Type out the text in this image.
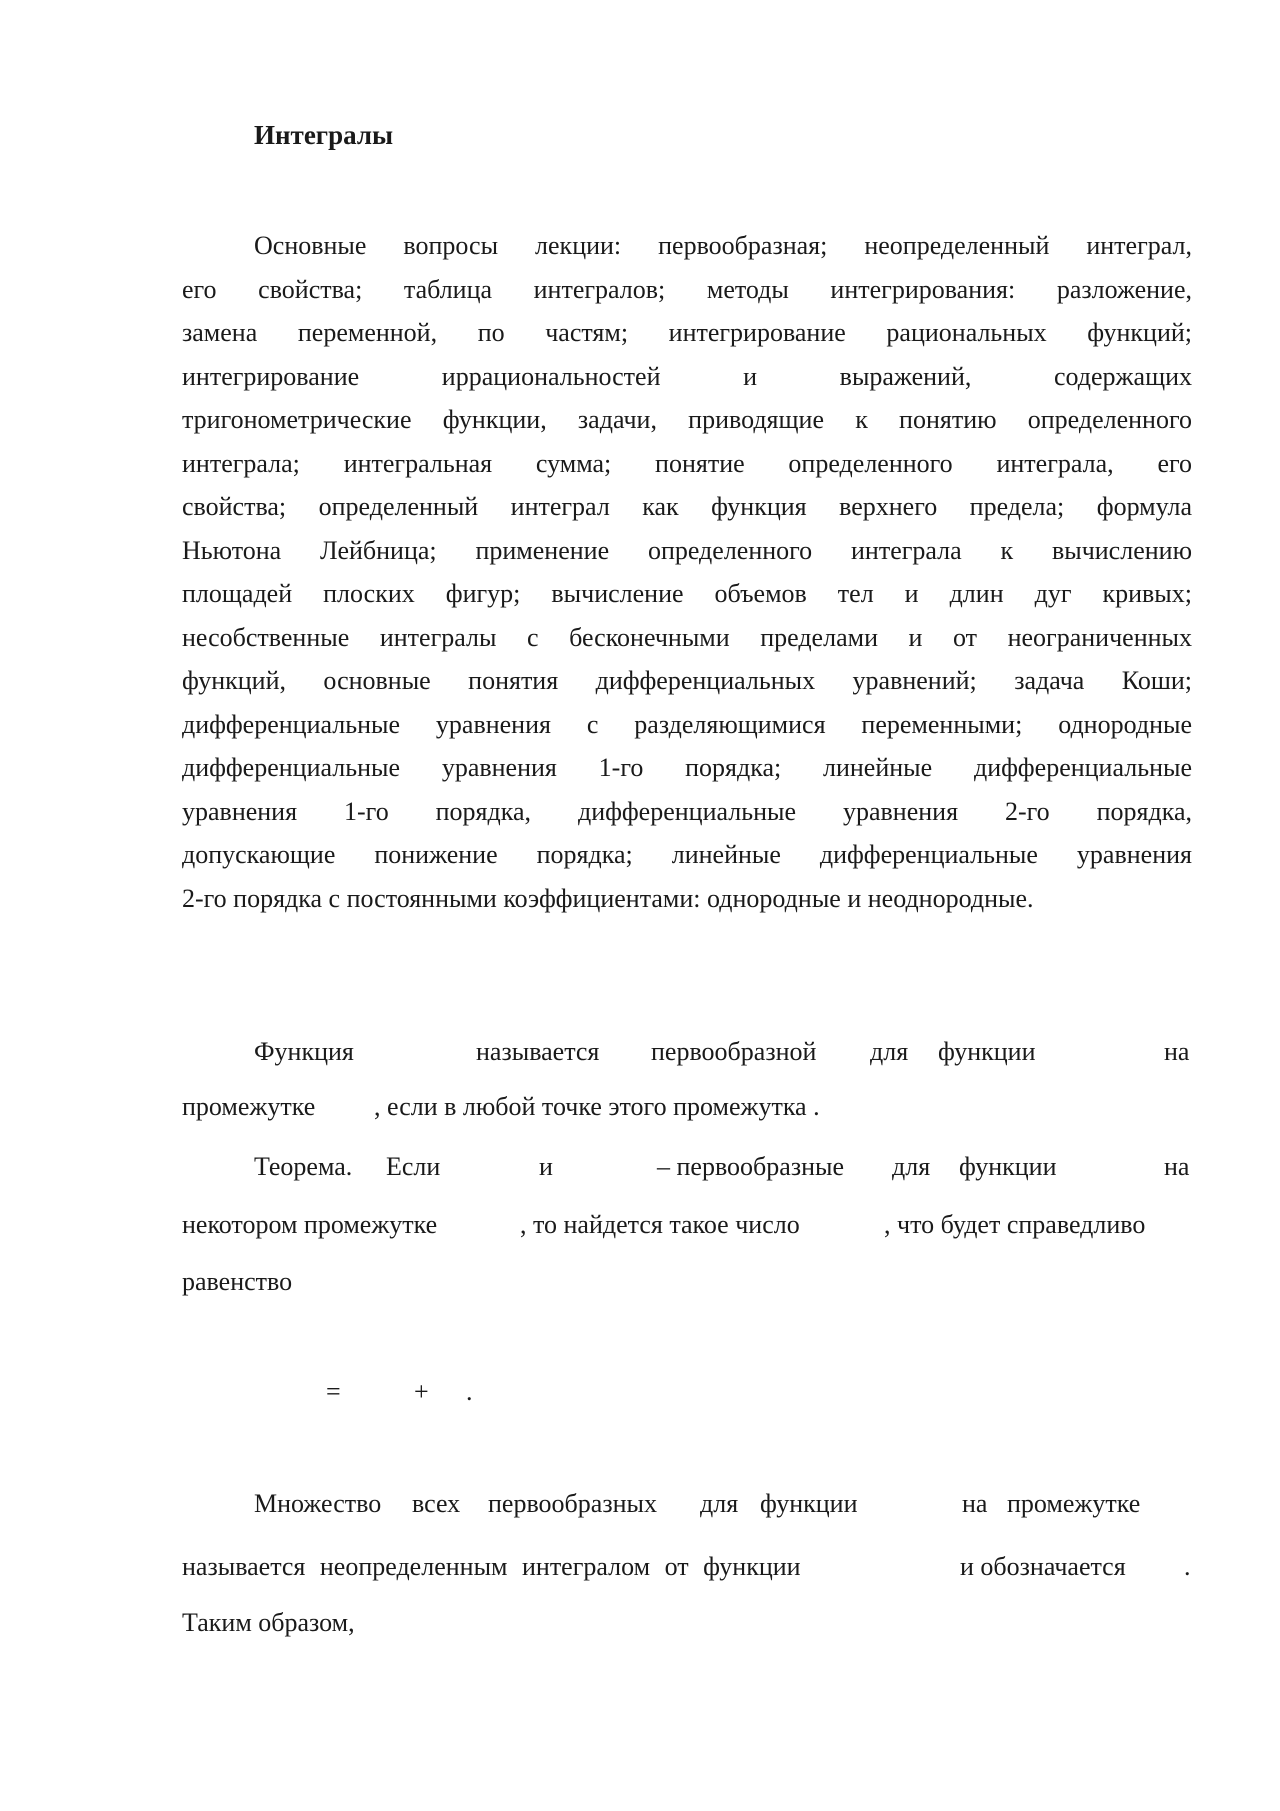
Интегралы
Основные вопросы лекции: первообразная; неопределенный интеграл,
его свойства; таблица интегралов; методы интегрирования: разложение,
замена переменной, по частям; интегрирование рациональных функций;
интегрирование иррациональностей и выражений, содержащих
тригонометрические функции, задачи, приводящие к понятию определенного
интеграла; интегральная сумма; понятие определенного интеграла, его
свойства; определенный интеграл как функция верхнего предела; формула
Ньютона Лейбница; применение определенного интеграла к вычислению
площадей плоских фигур; вычисление объемов тел и длин дуг кривых;
несобственные интегралы с бесконечными пределами и от неограниченных
функций, основные понятия дифференциальных уравнений; задача Коши;
дифференциальные уравнения с разделяющимися переменными; однородные
дифференциальные уравнения 1-го порядка; линейные дифференциальные
уравнения 1-го порядка, дифференциальные уравнения 2-го порядка,
допускающие понижение порядка; линейные дифференциальные уравнения
2-го порядка с постоянными коэффициентами: однородные и неоднородные.
Функция	называется первообразной для функции	на
промежутке , если в любой точке этого промежутка .
Теорема. Если	и	– первообразные для функции	на
некотором промежутке	, то найдется такое число	, что будет справедливо
равенство
=	+ .
Множество всех первообразных для функции	на промежутке
называется неопределенным интегралом от функции	и обозначается .
Таким образом,
